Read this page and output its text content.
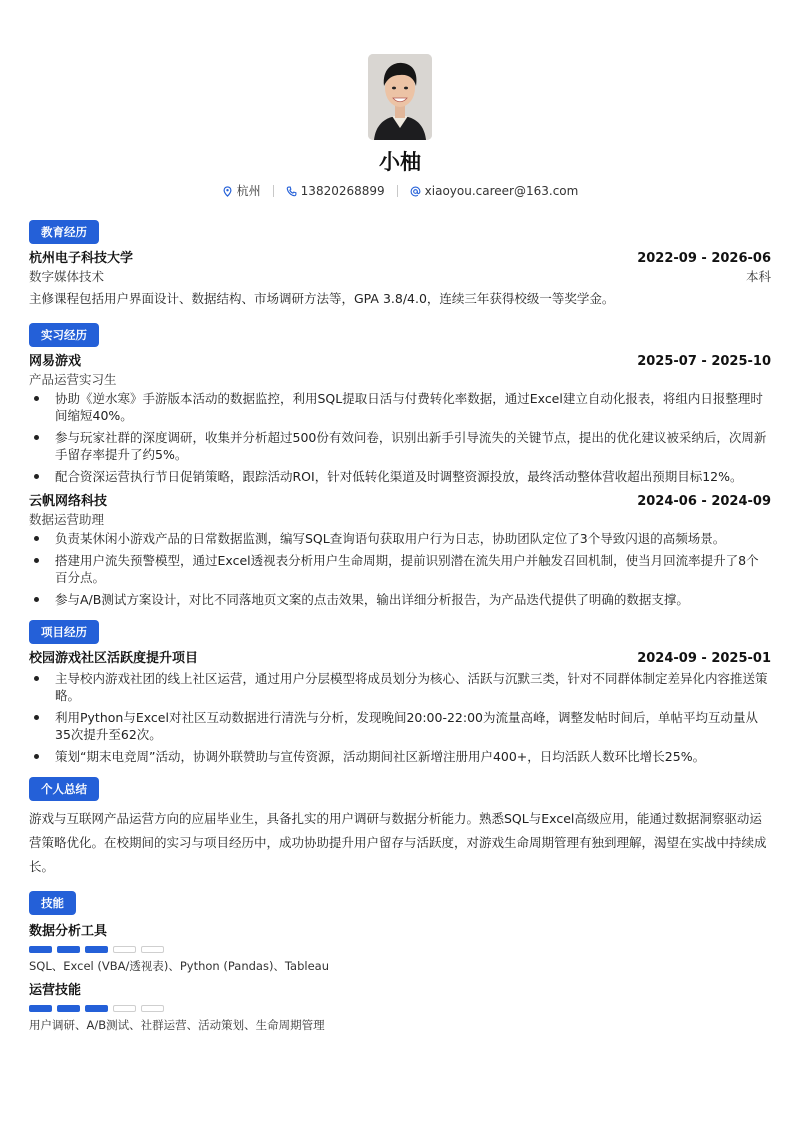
小柚
杭州	13820268899	xiaoyou.career@163.com
教育经历
杭州电子科技大学	2022-09 - 2026-06
数字媒体技术	本科
主修课程包括用户界面设计、数据结构、市场调研方法等，GPA 3.8/4.0，连续三年获得校级一等奖学金。
实习经历
网易游戏	2025-07 - 2025-10
产品运营实习生
协助《逆水寒》手游版本活动的数据监控，利用SQL提取日活与付费转化率数据，通过Excel建立自动化报表，将组内日报整理时间缩短40%。
参与玩家社群的深度调研，收集并分析超过500份有效问卷，识别出新手引导流失的关键节点，提出的优化建议被采纳后，次周新手留存率提升了约5%。
配合资深运营执行节日促销策略，跟踪活动ROI，针对低转化渠道及时调整资源投放，最终活动整体营收超出预期目标12%。
云帆网络科技	2024-06 - 2024-09
数据运营助理
负责某休闲小游戏产品的日常数据监测，编写SQL查询语句获取用户行为日志，协助团队定位了3个导致闪退的高频场景。
搭建用户流失预警模型，通过Excel透视表分析用户生命周期，提前识别潜在流失用户并触发召回机制，使当月回流率提升了8个百分点。
参与A/B测试方案设计，对比不同落地页文案的点击效果，输出详细分析报告，为产品迭代提供了明确的数据支撑。
项目经历
校园游戏社区活跃度提升项目	2024-09 - 2025-01
主导校内游戏社团的线上社区运营，通过用户分层模型将成员划分为核心、活跃与沉默三类，针对不同群体制定差异化内容推送策略。
利用Python与Excel对社区互动数据进行清洗与分析，发现晚间20:00-22:00为流量高峰，调整发帖时间后，单帖平均互动量从35次提升至62次。
策划“期末电竞周”活动，协调外联赞助与宣传资源，活动期间社区新增注册用户400+，日均活跃人数环比增长25%。
个人总结
游戏与互联网产品运营方向的应届毕业生，具备扎实的用户调研与数据分析能力。熟悉SQL与Excel高级应用，能通过数据洞察驱动运营策略优化。在校期间的实习与项目经历中，成功协助提升用户留存与活跃度，对游戏生命周期管理有独到理解，渴望在实战中持续成长。
技能
数据分析工具
SQL、Excel (VBA/透视表)、Python (Pandas)、Tableau
运营技能
用户调研、A/B测试、社群运营、活动策划、生命周期管理
